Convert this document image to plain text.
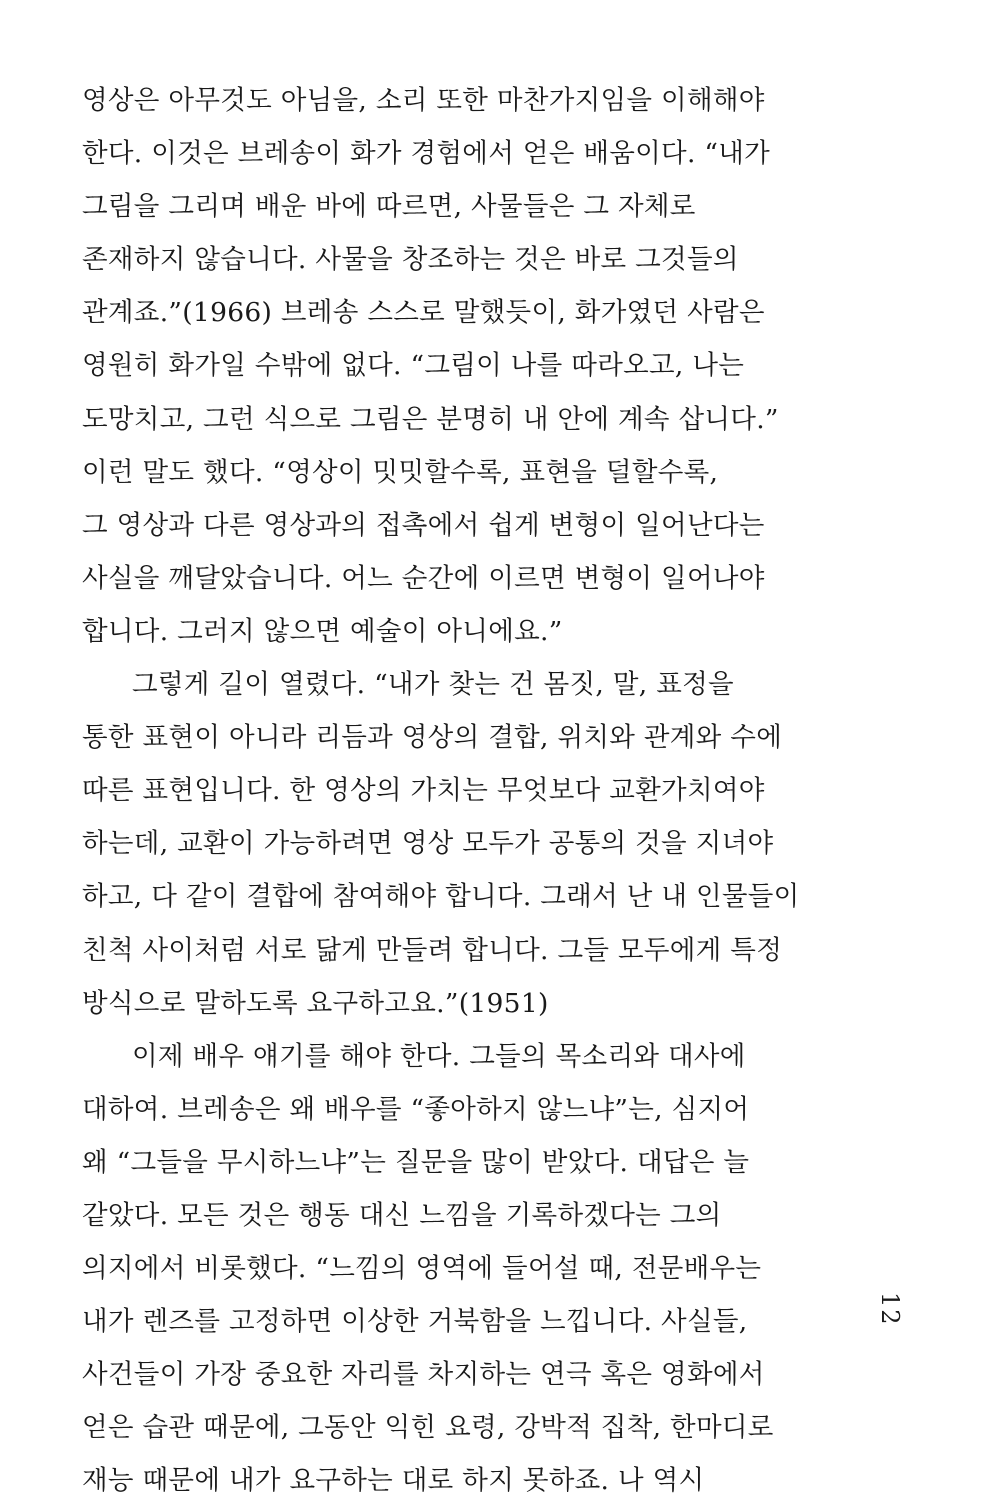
영상은 아무것도 아님을, 소리 또한 마찬가지임을 이해해야
한다. 이것은 브레송이 화가 경험에서 얻은 배움이다. “내가
그림을 그리며 배운 바에 따르면, 사물들은 그 자체로
존재하지 않습니다. 사물을 창조하는 것은 바로 그것들의
관계죠.”(1966) 브레송 스스로 말했듯이, 화가였던 사람은
영원히 화가일 수밖에 없다. “그림이 나를 따라오고, 나는
도망치고, 그런 식으로 그림은 분명히 내 안에 계속 삽니다.”
이런 말도 했다. “영상이 밋밋할수록, 표현을 덜할수록,
그 영상과 다른 영상과의 접촉에서 쉽게 변형이 일어난다는
사실을 깨달았습니다. 어느 순간에 이르면 변형이 일어나야
합니다. 그러지 않으면 예술이 아니에요.”
그렇게 길이 열렸다. “내가 찾는 건 몸짓, 말, 표정을
통한 표현이 아니라 리듬과 영상의 결합, 위치와 관계와 수에
따른 표현입니다. 한 영상의 가치는 무엇보다 교환가치여야
하는데, 교환이 가능하려면 영상 모두가 공통의 것을 지녀야
하고, 다 같이 결합에 참여해야 합니다. 그래서 난 내 인물들이
친척 사이처럼 서로 닮게 만들려 합니다. 그들 모두에게 특정
방식으로 말하도록 요구하고요.”(1951)
이제 배우 얘기를 해야 한다. 그들의 목소리와 대사에
대하여. 브레송은 왜 배우를 “좋아하지 않느냐”는, 심지어
왜 “그들을 무시하느냐”는 질문을 많이 받았다. 대답은 늘
같았다. 모든 것은 행동 대신 느낌을 기록하겠다는 그의
의지에서 비롯했다. “느낌의 영역에 들어설 때, 전문배우는
내가 렌즈를 고정하면 이상한 거북함을 느낍니다. 사실들,
사건들이 가장 중요한 자리를 차지하는 연극 혹은 영화에서
얻은 습관 때문에, 그동안 익힌 요령, 강박적 집착, 한마디로
재능 때문에 내가 요구하는 대로 하지 못하죠. 나 역시
12
